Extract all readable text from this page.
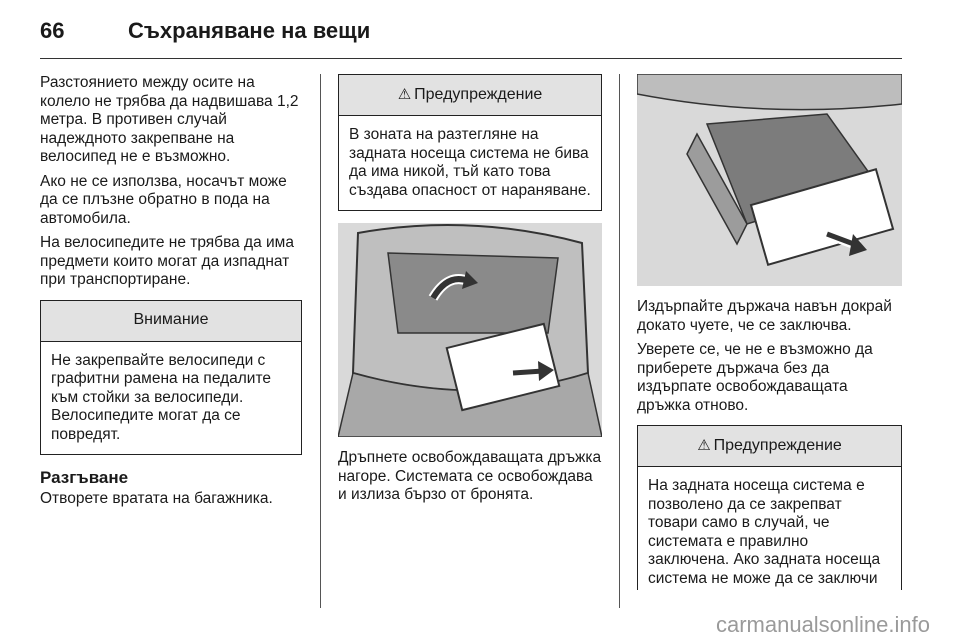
66	Съхраняване на вещи

Разстоянието между осите на колело не трябва да надвишава 1,2 метра. В противен случай надеждното закрепване на велосипед не е възможно.

Ако не се използва, носачът може да се плъзне обратно в пода на автомобила.

На велосипедите не трябва да има предмети които могат да изпаднат при транспортиране.

Внимание
Не закрепвайте велосипеди с графитни рамена на педалите към стойки за велосипеди. Велосипедите могат да се повредят.
Разгъване

Отворете вратата на багажника.

⚠ Предупреждение
В зоната на разтегляне на задната носеща система не бива да има никой, тъй като това създава опасност от нараняване.

Дръпнете освобождаващата дръжка нагоре. Системата се освобождава и излиза бързо от бронята.

Издърпайте държача навън докрай докато чуете, че се заключва.

Уверете се, че не е възможно да приберете държача без да издърпате освобождаващата дръжка отново.

⚠ Предупреждение
На задната носеща система е позволено да се закрепват товари само в случай, че системата е правилно заключена. Ако задната носеща система не може да се заключи
carmanualsonline.info
